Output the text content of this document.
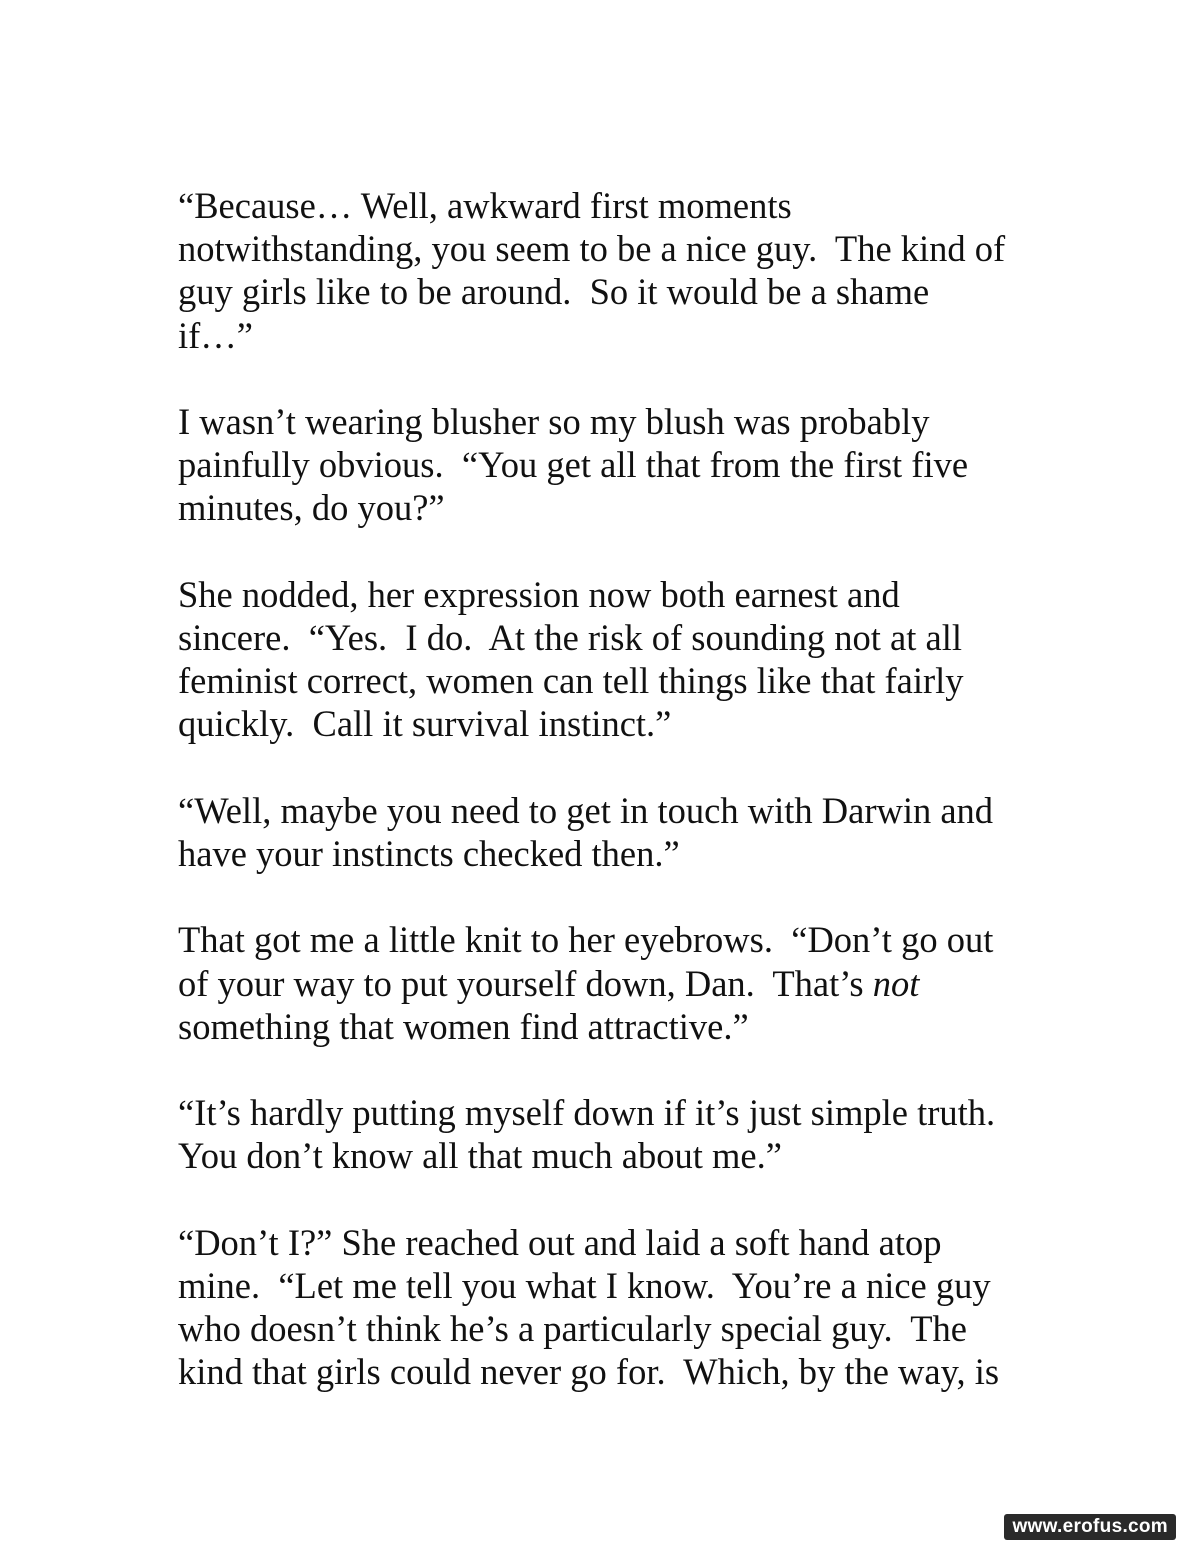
“Because… Well, awkward first moments
notwithstanding, you seem to be a nice guy.  The kind of
guy girls like to be around.  So it would be a shame
if…”

I wasn’t wearing blusher so my blush was probably
painfully obvious.  “You get all that from the first five
minutes, do you?”

She nodded, her expression now both earnest and
sincere.  “Yes.  I do.  At the risk of sounding not at all
feminist correct, women can tell things like that fairly
quickly.  Call it survival instinct.”

“Well, maybe you need to get in touch with Darwin and
have your instincts checked then.”

That got me a little knit to her eyebrows.  “Don’t go out
of your way to put yourself down, Dan.  That’s not
something that women find attractive.”

“It’s hardly putting myself down if it’s just simple truth.
You don’t know all that much about me.”

“Don’t I?” She reached out and laid a soft hand atop
mine.  “Let me tell you what I know.  You’re a nice guy
who doesn’t think he’s a particularly special guy.  The
kind that girls could never go for.  Which, by the way, is

www.erofus.com
